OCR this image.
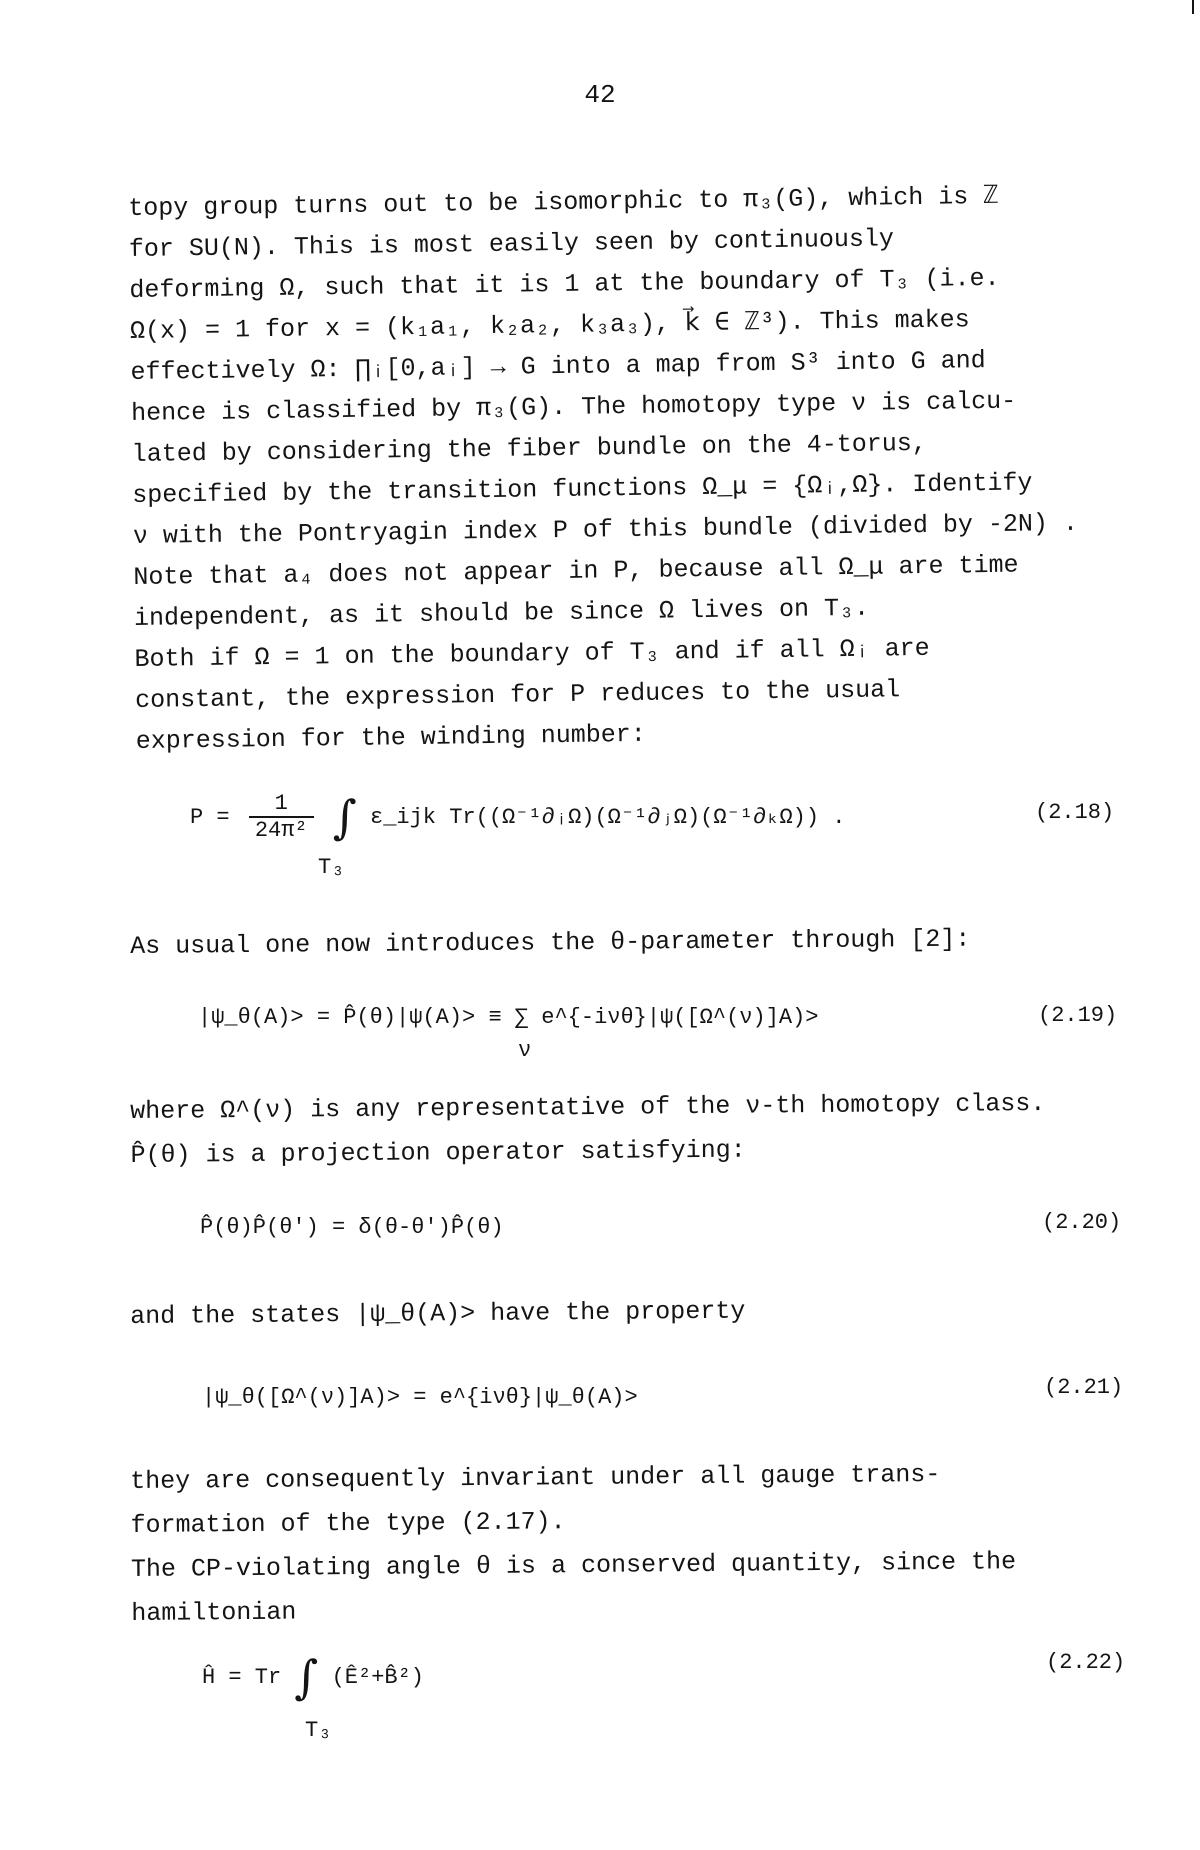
42
topy group turns out to be isomorphic to π₃(G), which is ℤ
for SU(N). This is most easily seen by continuously
deforming Ω, such that it is 1 at the boundary of T₃ (i.e.
Ω(x) = 1 for x = (k₁a₁, k₂a₂, k₃a₃), k⃗ ∈ ℤ³). This makes
effectively Ω: ∏ᵢ[0,aᵢ] → G into a map from S³ into G and
hence is classified by π₃(G). The homotopy type ν is calcu-
lated by considering the fiber bundle on the 4-torus,
specified by the transition functions Ω_μ = {Ωᵢ,Ω}. Identify
ν with the Pontryagin index P of this bundle (divided by -2N) .
Note that a₄ does not appear in P, because all Ω_μ are time
independent, as it should be since Ω lives on T₃.
Both if Ω = 1 on the boundary of T₃ and if all Ωᵢ are
constant, the expression for P reduces to the usual
expression for the winding number:
$P = \frac{1}{\text{24π²}}$ ∫ ε_ijk Tr((Ω⁻¹∂ᵢΩ)(Ω⁻¹∂ⱼΩ)(Ω⁻¹∂ₖΩ)) .
T₃
(2.18)
As usual one now introduces the θ-parameter through [2]:
|ψ_θ(A)> = P̂(θ)|ψ(A)> ≡ ∑ e^{-iνθ}|ψ([Ω^(ν)]A)>
ν
(2.19)
where Ω^(ν) is any representative of the ν-th homotopy class.
P̂(θ) is a projection operator satisfying:
P̂(θ)P̂(θ') = δ(θ-θ')P̂(θ)	(2.20)
and the states |ψ_θ(A)> have the property
|ψ_θ([Ω^(ν)]A)> = e^{iνθ}|ψ_θ(A)>	(2.21)
they are consequently invariant under all gauge trans-
formation of the type (2.17).
The CP-violating angle θ is a conserved quantity, since the
hamiltonian
Ĥ = Tr ∫ (Ê²+B̂²)
T₃
(2.22)
